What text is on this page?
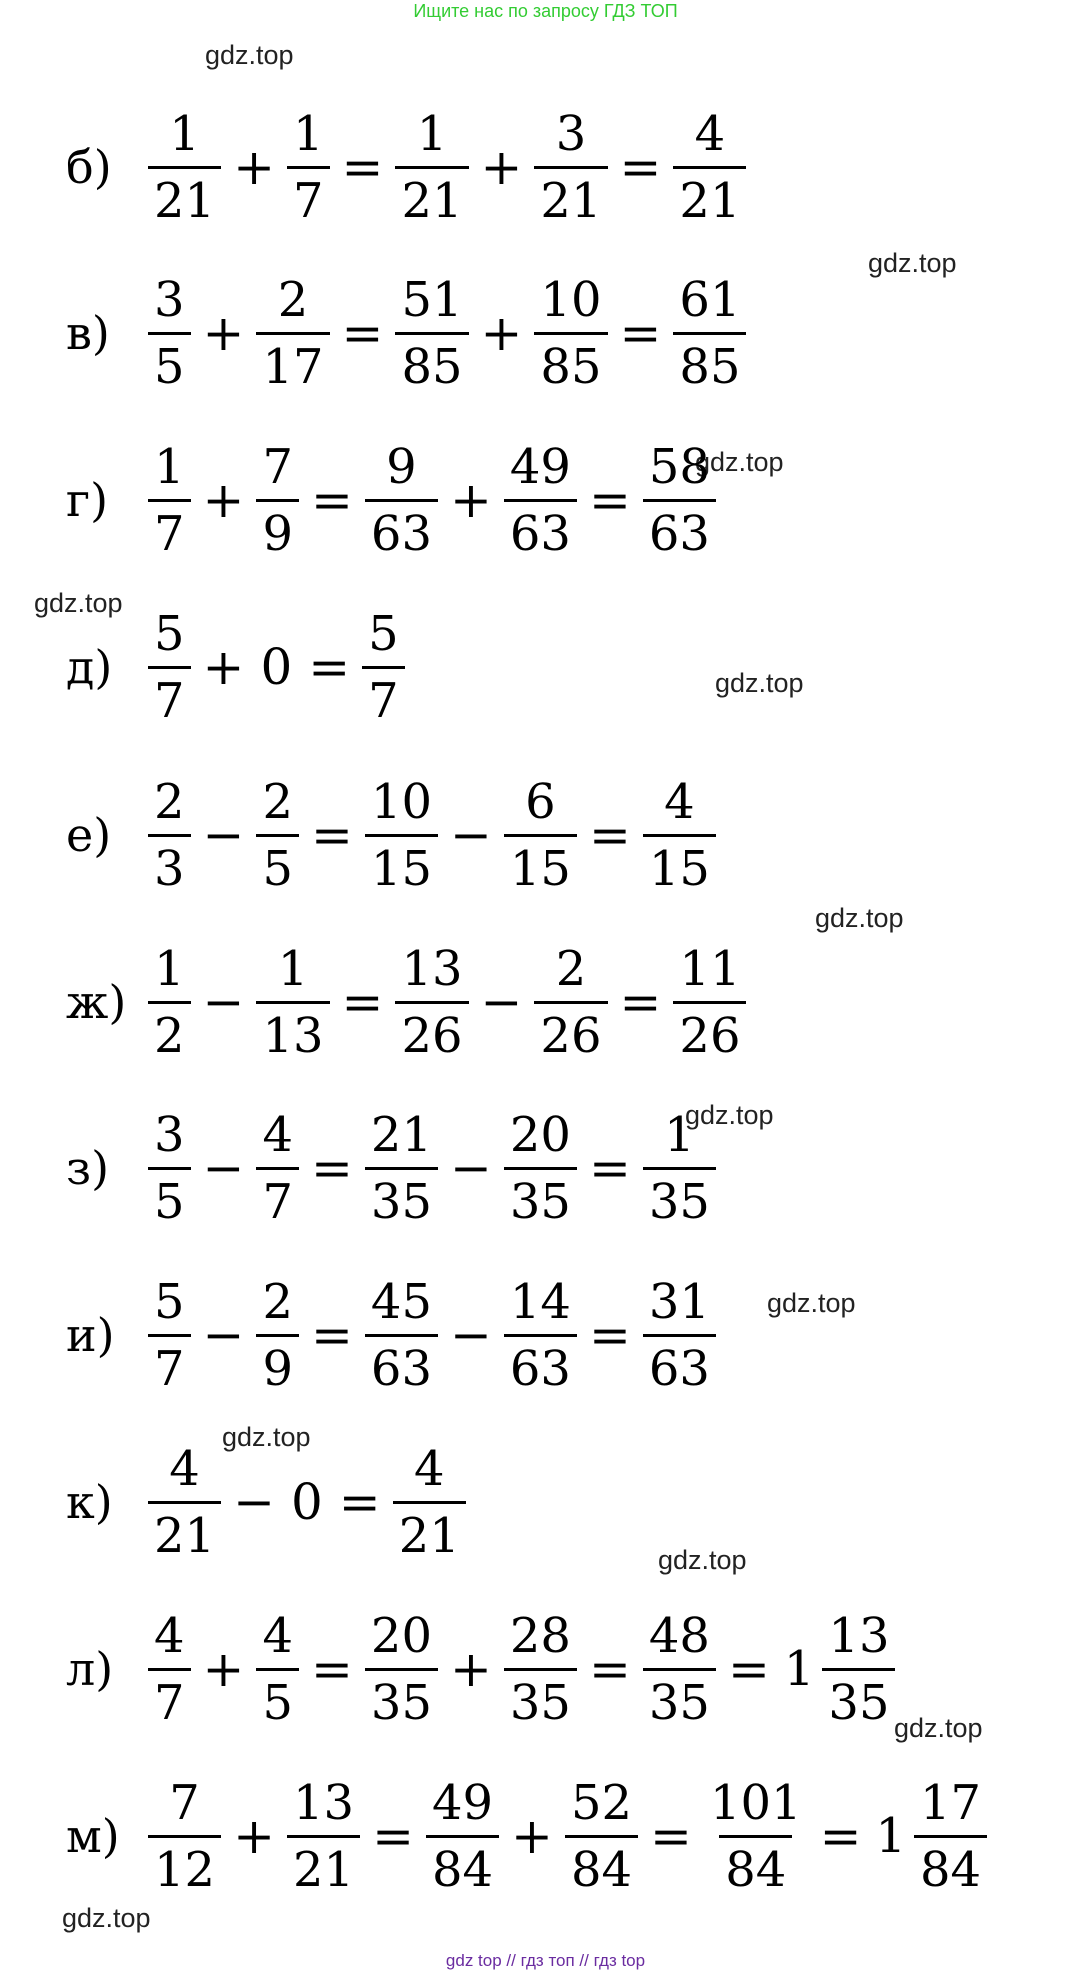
Ищите нас по запросу ГДЗ ТОП
gdz.top
gdz.top
gdz.top
gdz.top
gdz.top
gdz.top
gdz.top
gdz.top
gdz.top
gdz.top
gdz.top
gdz.top
$б) \frac{1}{21} + \frac{1}{7} = \frac{1}{21} + \frac{3}{21} = \frac{4}{21}$
$в) \frac{3}{5} + \frac{2}{17} = \frac{51}{85} + \frac{10}{85} = \frac{61}{85}$
$г) \frac{1}{7} + \frac{7}{9} = \frac{9}{63} + \frac{49}{63} = \frac{58}{63}$
$д) \frac{5}{7} + 0 = \frac{5}{7}$
$е) \frac{2}{3} - \frac{2}{5} = \frac{10}{15} - \frac{6}{15} = \frac{4}{15}$
$ж) \frac{1}{2} - \frac{1}{13} = \frac{13}{26} - \frac{2}{26} = \frac{11}{26}$
$з) \frac{3}{5} - \frac{4}{7} = \frac{21}{35} - \frac{20}{35} = \frac{1}{35}$
$и) \frac{5}{7} - \frac{2}{9} = \frac{45}{63} - \frac{14}{63} = \frac{31}{63}$
$к) \frac{4}{21} - 0 = \frac{4}{21}$
$л) \frac{4}{7} + \frac{4}{5} = \frac{20}{35} + \frac{28}{35} = \frac{48}{35} = 1 \frac{13}{35}$
$м) \frac{7}{12} + \frac{13}{21} = \frac{49}{84} + \frac{52}{84} = \frac{101}{84} = 1 \frac{17}{84}$
gdz top // гдз топ // гдз top
